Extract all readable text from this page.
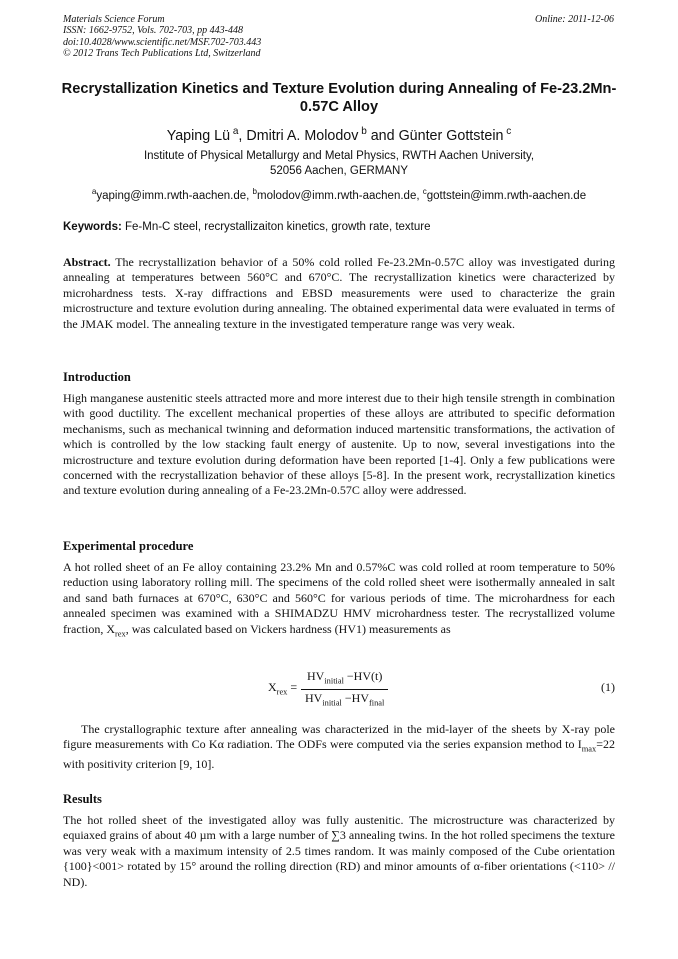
Materials Science Forum
ISSN: 1662-9752, Vols. 702-703, pp 443-448
doi:10.4028/www.scientific.net/MSF.702-703.443
© 2012 Trans Tech Publications Ltd, Switzerland
Online: 2011-12-06
Recrystallization Kinetics and Texture Evolution during Annealing of Fe-23.2Mn-0.57C Alloy
Yaping Lü $^a$, Dmitri A. Molodov $^b$ and Günter Gottstein $^c$
Institute of Physical Metallurgy and Metal Physics, RWTH Aachen University,
52056 Aachen, GERMANY
$^a$yaping@imm.rwth-aachen.de, $^b$molodov@imm.rwth-aachen.de, $^c$gottstein@imm.rwth-aachen.de
Keywords: Fe-Mn-C steel, recrystallizaiton kinetics, growth rate, texture
Abstract. The recrystallization behavior of a 50% cold rolled Fe-23.2Mn-0.57C alloy was investigated during annealing at temperatures between 560°C and 670°C. The recrystallization kinetics were characterized by microhardness tests. X-ray diffractions and EBSD measurements were used to characterize the grain microstructure and texture evolution during annealing. The obtained experimental data were evaluated in terms of the JMAK model. The annealing texture in the investigated temperature range was very weak.
Introduction
High manganese austenitic steels attracted more and more interest due to their high tensile strength in combination with good ductility. The excellent mechanical properties of these alloys are attributed to specific deformation mechanisms, such as mechanical twinning and deformation induced martensitic transformations, the activation of which is controlled by the low stacking fault energy of austenite. Up to now, several investigations into the microstructure and texture evolution during deformation have been reported [1-4]. Only a few publications were concerned with the recrystallization behavior of these alloys [5-8]. In the present work, recrystallization kinetics and texture evolution during annealing of a Fe-23.2Mn-0.57C alloy were addressed.
Experimental procedure
A hot rolled sheet of an Fe alloy containing 23.2% Mn and 0.57%C was cold rolled at room temperature to 50% reduction using laboratory rolling mill. The specimens of the cold rolled sheet were isothermally annealed in salt and sand bath furnaces at 670°C, 630°C and 560°C for various periods of time. The microhardness for each annealed specimen was examined with a SHIMADZU HMV microhardness tester. The recrystallized volume fraction, $X_{rex}$, was calculated based on Vickers hardness (HV1) measurements as
$X_{rex}$ =
$HV_{initial} -HV(t)$
$HV_{initial} -HV_{final}$
(1)
The crystallographic texture after annealing was characterized in the mid-layer of the sheets by X-ray pole figure measurements with Co Kα radiation. The ODFs were computed via the series expansion method to $I_{max}=22$ with positivity criterion [9, 10].
Results
The hot rolled sheet of the investigated alloy was fully austenitic. The microstructure was characterized by equiaxed grains of about 40 µm with a large number of ∑3 annealing twins. In the hot rolled specimens the texture was very weak with a maximum intensity of 2.5 times random. It was mainly composed of the Cube orientation {100}<001> rotated by 15° around the rolling direction (RD) and minor amounts of α-fiber orientations (<110> // ND).
